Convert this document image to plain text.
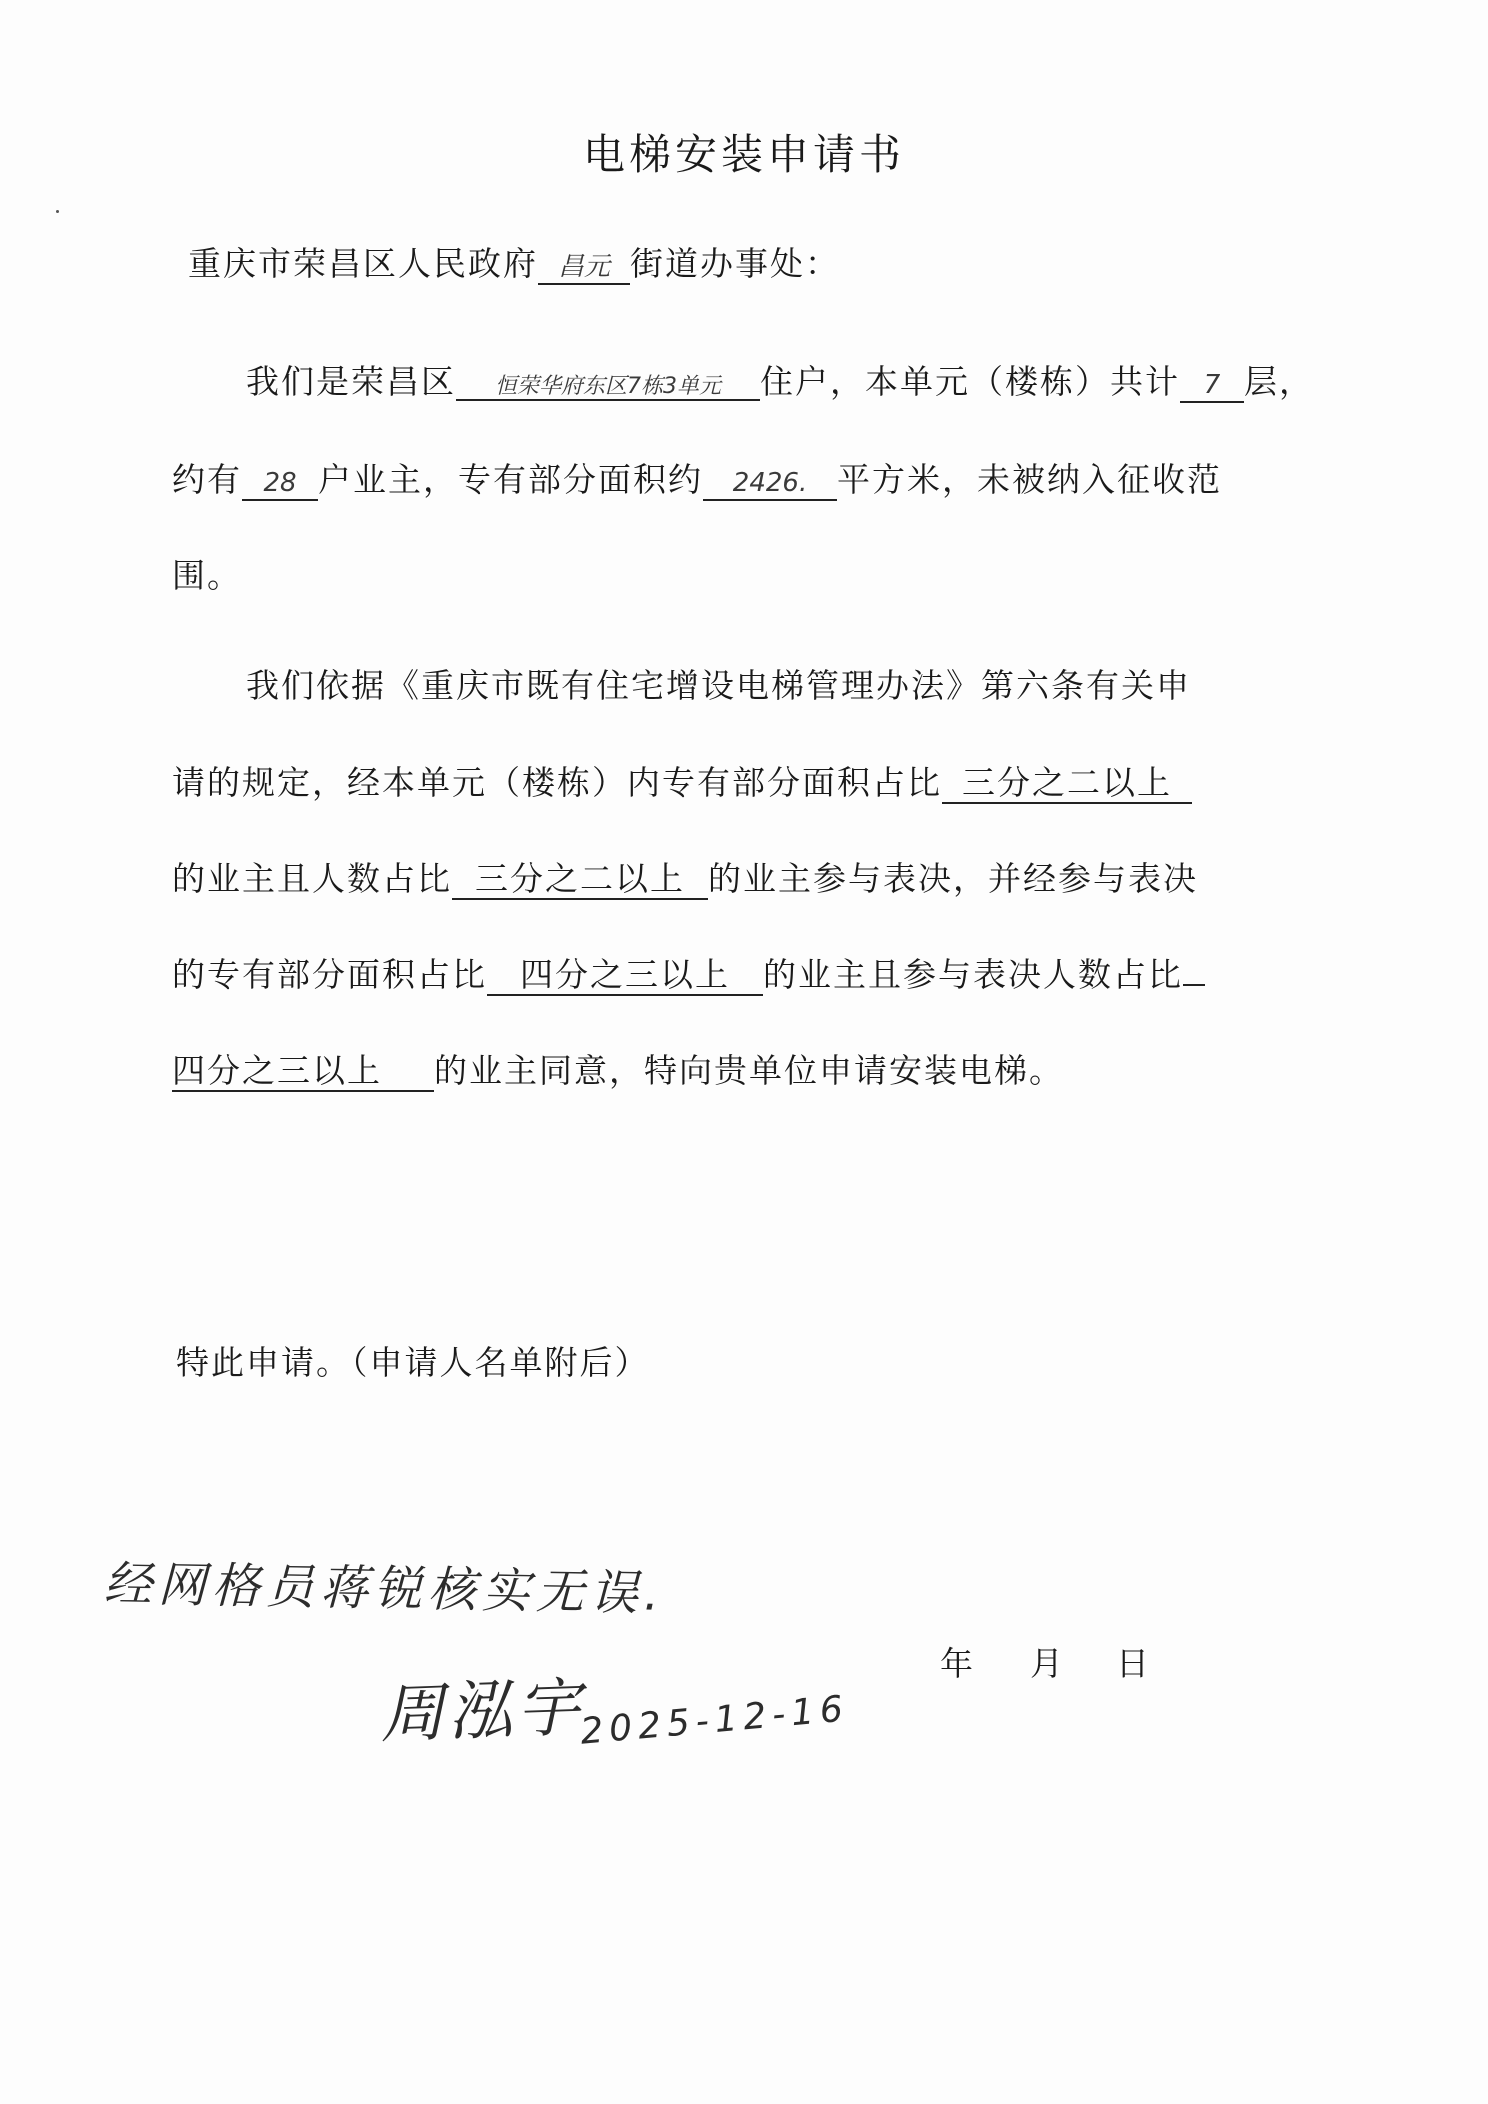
电梯安装申请书
重庆市荣昌区人民政府 昌元 街道办事处：
我们是荣昌区 恒荣华府东区7栋3单元 住户，本单元（楼栋）共计 7 层，
约有 28 户业主，专有部分面积约 2426. 平方米，未被纳入征收范
围。
我们依据《重庆市既有住宅增设电梯管理办法》第六条有关申
请的规定，经本单元（楼栋）内专有部分面积占比 三分之二以上
的业主且人数占比 三分之二以上 的业主参与表决，并经参与表决
的专有部分面积占比 四分之三以上 的业主且参与表决人数占比
四分之三以上 的业主同意，特向贵单位申请安装电梯。
特此申请。（申请人名单附后）
经网格员蒋锐核实无误.
周泓宇
2025-12-16
年 月 日
